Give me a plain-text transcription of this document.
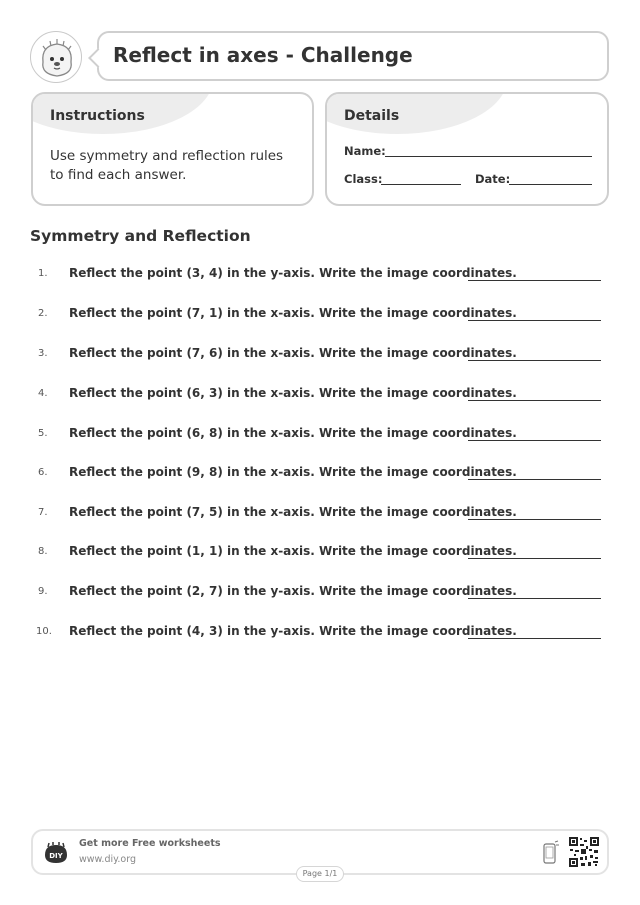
Reflect in axes - Challenge
Instructions
Use symmetry and reflection rules to find each answer.
Details
Name:
Class:	Date:
Symmetry and Reflection
1. Reflect the point (3, 4) in the y-axis. Write the image coordinates.
2. Reflect the point (7, 1) in the x-axis. Write the image coordinates.
3. Reflect the point (7, 6) in the x-axis. Write the image coordinates.
4. Reflect the point (6, 3) in the x-axis. Write the image coordinates.
5. Reflect the point (6, 8) in the x-axis. Write the image coordinates.
6. Reflect the point (9, 8) in the x-axis. Write the image coordinates.
7. Reflect the point (7, 5) in the x-axis. Write the image coordinates.
8. Reflect the point (1, 1) in the x-axis. Write the image coordinates.
9. Reflect the point (2, 7) in the y-axis. Write the image coordinates.
10. Reflect the point (4, 3) in the y-axis. Write the image coordinates.
DIY
Get more Free worksheets
www.diy.org
Page 1/1
